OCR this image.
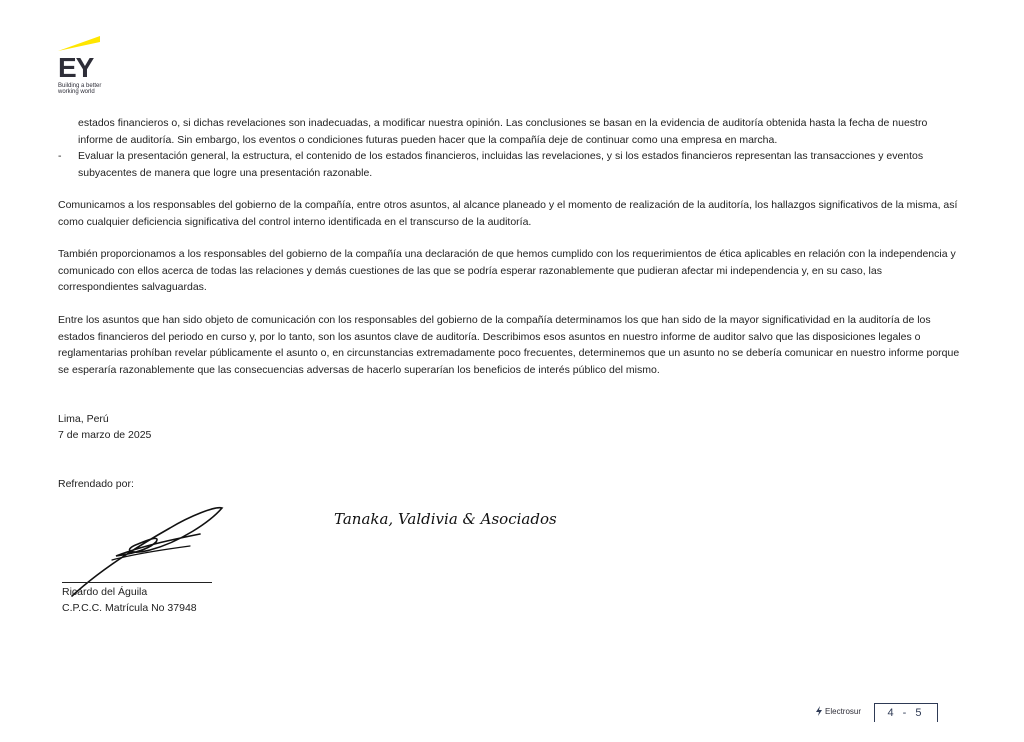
EY
Building a better
working world
estados financieros o, si dichas revelaciones son inadecuadas, a modificar nuestra opinión. Las conclusiones se basan en la evidencia de auditoría obtenida hasta la fecha de nuestro informe de auditoría. Sin embargo, los eventos o condiciones futuras pueden hacer que la compañía deje de continuar como una empresa en marcha.
- Evaluar la presentación general, la estructura, el contenido de los estados financieros, incluidas las revelaciones, y si los estados financieros representan las transacciones y eventos subyacentes de manera que logre una presentación razonable.
Comunicamos a los responsables del gobierno de la compañía, entre otros asuntos, al alcance planeado y el momento de realización de la auditoría, los hallazgos significativos de la misma, así como cualquier deficiencia significativa del control interno identificada en el transcurso de la auditoría.
También proporcionamos a los responsables del gobierno de la compañía una declaración de que hemos cumplido con los requerimientos de ética aplicables en relación con la independencia y comunicado con ellos acerca de todas las relaciones y demás cuestiones de las que se podría esperar razonablemente que pudieran afectar mi independencia y, en su caso, las correspondientes salvaguardas.
Entre los asuntos que han sido objeto de comunicación con los responsables del gobierno de la compañía determinamos los que han sido de la mayor significatividad en la auditoría de los estados financieros del periodo en curso y, por lo tanto, son los asuntos clave de auditoría. Describimos esos asuntos en nuestro informe de auditor salvo que las disposiciones legales o reglamentarias prohíban revelar públicamente el asunto o, en circunstancias extremadamente poco frecuentes, determinemos que un asunto no se debería comunicar en nuestro informe porque se esperaría razonablemente que las consecuencias adversas de hacerlo superarían los beneficios de interés público del mismo.
Lima, Perú
7 de marzo de 2025
Refrendado por:
Tanaka, Valdivia & Asociados
Ricardo del Águila
C.P.C.C. Matrícula No 37948
Electrosur	4 - 5
